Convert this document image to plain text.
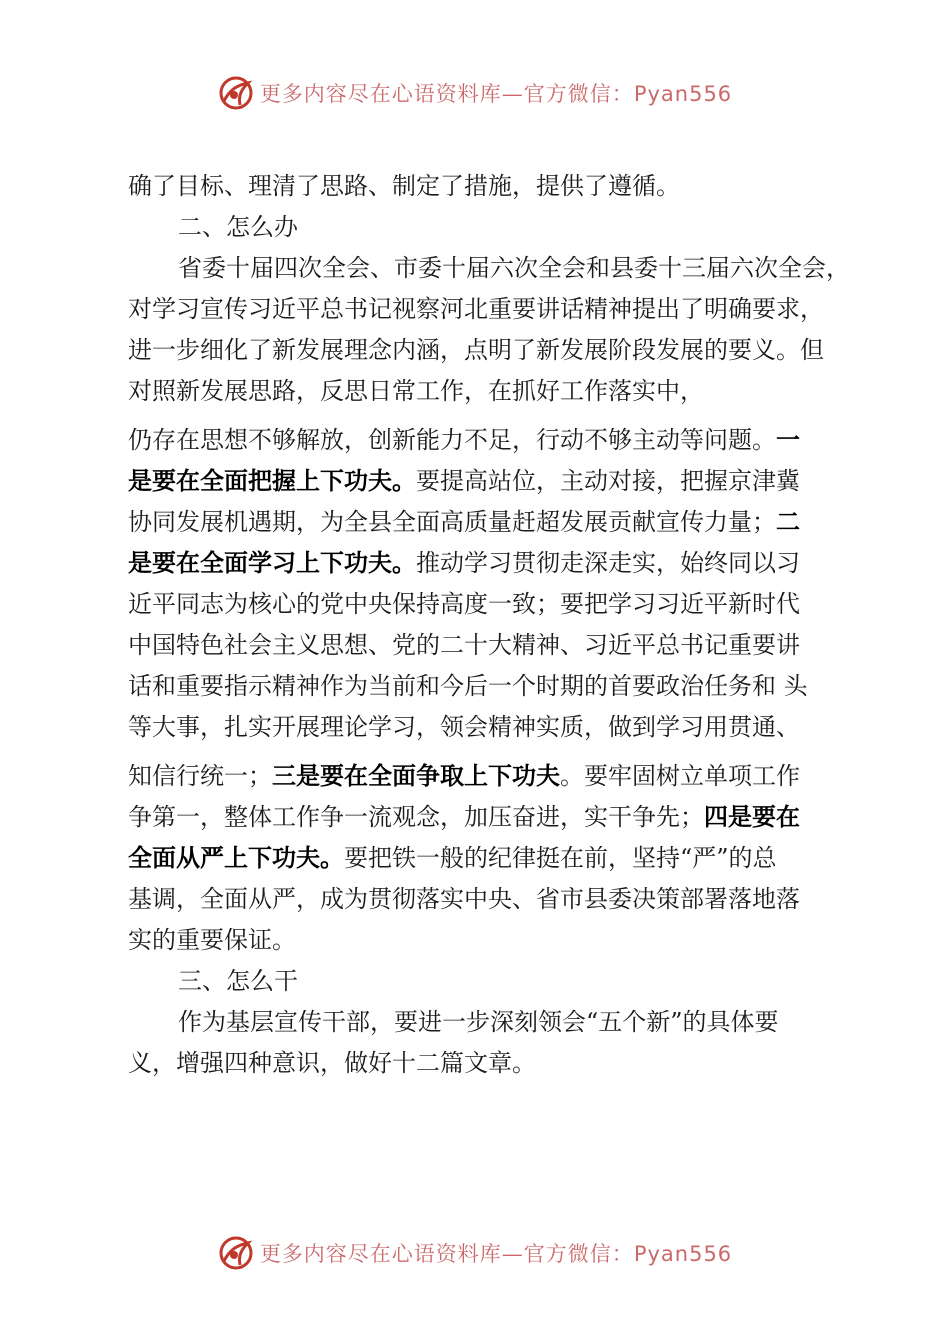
更多内容尽在心语资料库—官方微信：Pyan556
确了目标、理清了思路、制定了措施，提供了遵循。
二、怎么办
省委十届四次全会、市委十届六次全会和县委十三届六次全会，
对学习宣传习近平总书记视察河北重要讲话精神提出了明确要求，
进一步细化了新发展理念内涵，点明了新发展阶段发展的要义。但
对照新发展思路，反思日常工作，在抓好工作落实中，
仍存在思想不够解放，创新能力不足，行动不够主动等问题。一
是要在全面把握上下功夫。要提高站位，主动对接，把握京津冀
协同发展机遇期，为全县全面高质量赶超发展贡献宣传力量；二
是要在全面学习上下功夫。推动学习贯彻走深走实，始终同以习
近平同志为核心的党中央保持高度一致；要把学习习近平新时代
中国特色社会主义思想、党的二十大精神、习近平总书记重要讲
话和重要指示精神作为当前和今后一个时期的首要政治任务和 头
等大事，扎实开展理论学习，领会精神实质，做到学习用贯通、
知信行统一；三是要在全面争取上下功夫。要牢固树立单项工作
争第一，整体工作争一流观念，加压奋进，实干争先；四是要在
全面从严上下功夫。要把铁一般的纪律挺在前，坚持“严”的总
基调，全面从严，成为贯彻落实中央、省市县委决策部署落地落
实的重要保证。
三、怎么干
作为基层宣传干部，要进一步深刻领会“五个新”的具体要
义，增强四种意识，做好十二篇文章。
更多内容尽在心语资料库—官方微信：Pyan556
